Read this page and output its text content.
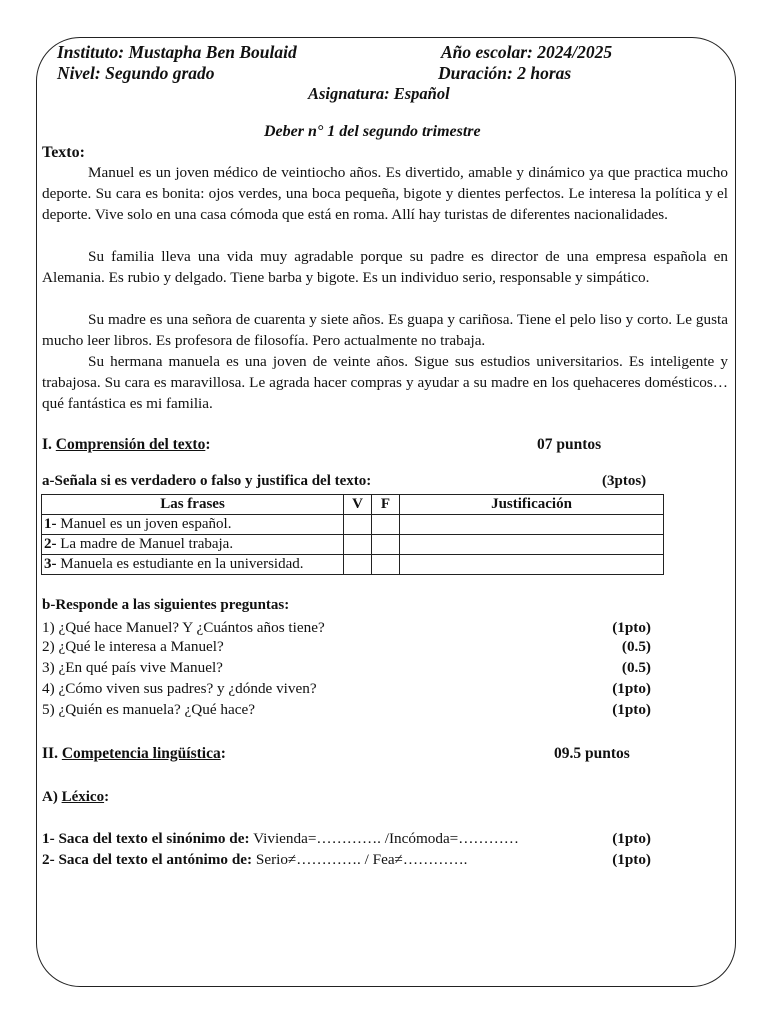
Instituto: Mustapha Ben Boulaid	Año escolar: 2024/2025
Nivel: Segundo grado	Duración: 2 horas
Asignatura: Español
Deber n° 1 del segundo trimestre
Texto:

Manuel es un joven médico de veintiocho años. Es divertido, amable y dinámico ya que practica mucho deporte. Su cara es bonita: ojos verdes, una boca pequeña, bigote y dientes perfectos. Le interesa la política y el deporte. Vive solo en una casa cómoda que está en roma. Allí hay turistas de diferentes nacionalidades.

Su familia lleva una vida muy agradable porque su padre es director de una empresa española en Alemania. Es rubio y delgado. Tiene barba y bigote. Es un individuo serio, responsable y simpático.

Su madre es una señora de cuarenta y siete años. Es guapa y cariñosa. Tiene el pelo liso y corto. Le gusta mucho leer libros. Es profesora de filosofía. Pero actualmente no trabaja.

Su hermana manuela es una joven de veinte años. Sigue sus estudios universitarios. Es inteligente y trabajosa. Su cara es maravillosa. Le agrada hacer compras y ayudar a su madre en los quehaceres domésticos…qué fantástica es mi familia.

I. Comprensión del texto:	07 puntos
a-Señala si es verdadero o falso y justifica del texto:	(3ptos)
Las frases	V	F	Justificación
1- Manuel es un joven español.			
2- La madre de Manuel trabaja.			
3- Manuela es estudiante en la universidad.			
b-Responde a las siguientes preguntas:
1) ¿Qué hace Manuel? Y ¿Cuántos años tiene?	(1pto)
2) ¿Qué le interesa a Manuel?	(0.5)
3) ¿En qué país vive Manuel?	(0.5)
4) ¿Cómo viven sus padres? y ¿dónde viven?	(1pto)
5) ¿Quién es manuela? ¿Qué hace?	(1pto)
II. Competencia lingüística:	09.5 puntos
A) Léxico:
1- Saca del texto el sinónimo de: Vivienda=…………. /Incómoda=…………	(1pto)
2- Saca del texto el antónimo de: Serio≠…………. / Fea≠………….	(1pto)
